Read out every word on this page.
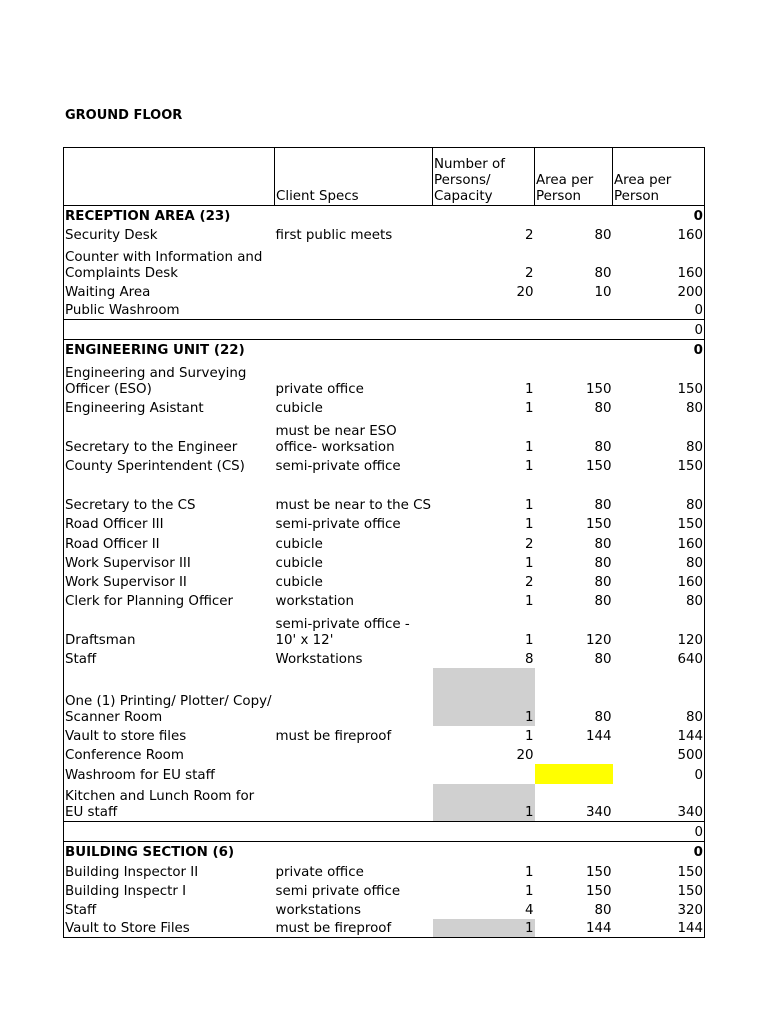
GROUND FLOOR
	Client Specs	Number of Persons/ Capacity	Area per Person	Area per Person
RECEPTION AREA (23)				0
Security Desk	first public meets	2	80	160
Counter with Information and Complaints Desk		2	80	160
Waiting Area		20	10	200
Public Washroom				0
				0
ENGINEERING UNIT (22)				0
Engineering and Surveying Officer (ESO)	private office	1	150	150
Engineering Asistant	cubicle	1	80	80
Secretary to the Engineer	must be near ESO office- worksation	1	80	80
County Sperintendent (CS)	semi-private office	1	150	150
Secretary to the CS	must be near to the CS	1	80	80
Road Officer III	semi-private office	1	150	150
Road Officer II	cubicle	2	80	160
Work Supervisor III	cubicle	1	80	80
Work Supervisor II	cubicle	2	80	160
Clerk for Planning Officer	workstation	1	80	80
Draftsman	semi-private office - 10' x 12'	1	120	120
Staff	Workstations	8	80	640
One (1) Printing/ Plotter/ Copy/ Scanner Room		1	80	80
Vault to store files	must be fireproof	1	144	144
Conference Room		20		500
Washroom for EU staff				0
Kitchen and Lunch Room for EU staff		1	340	340
				0
BUILDING SECTION (6)				0
Building Inspector II	private office	1	150	150
Building Inspectr I	semi private office	1	150	150
Staff	workstations	4	80	320
Vault to Store Files	must be fireproof	1	144	144
